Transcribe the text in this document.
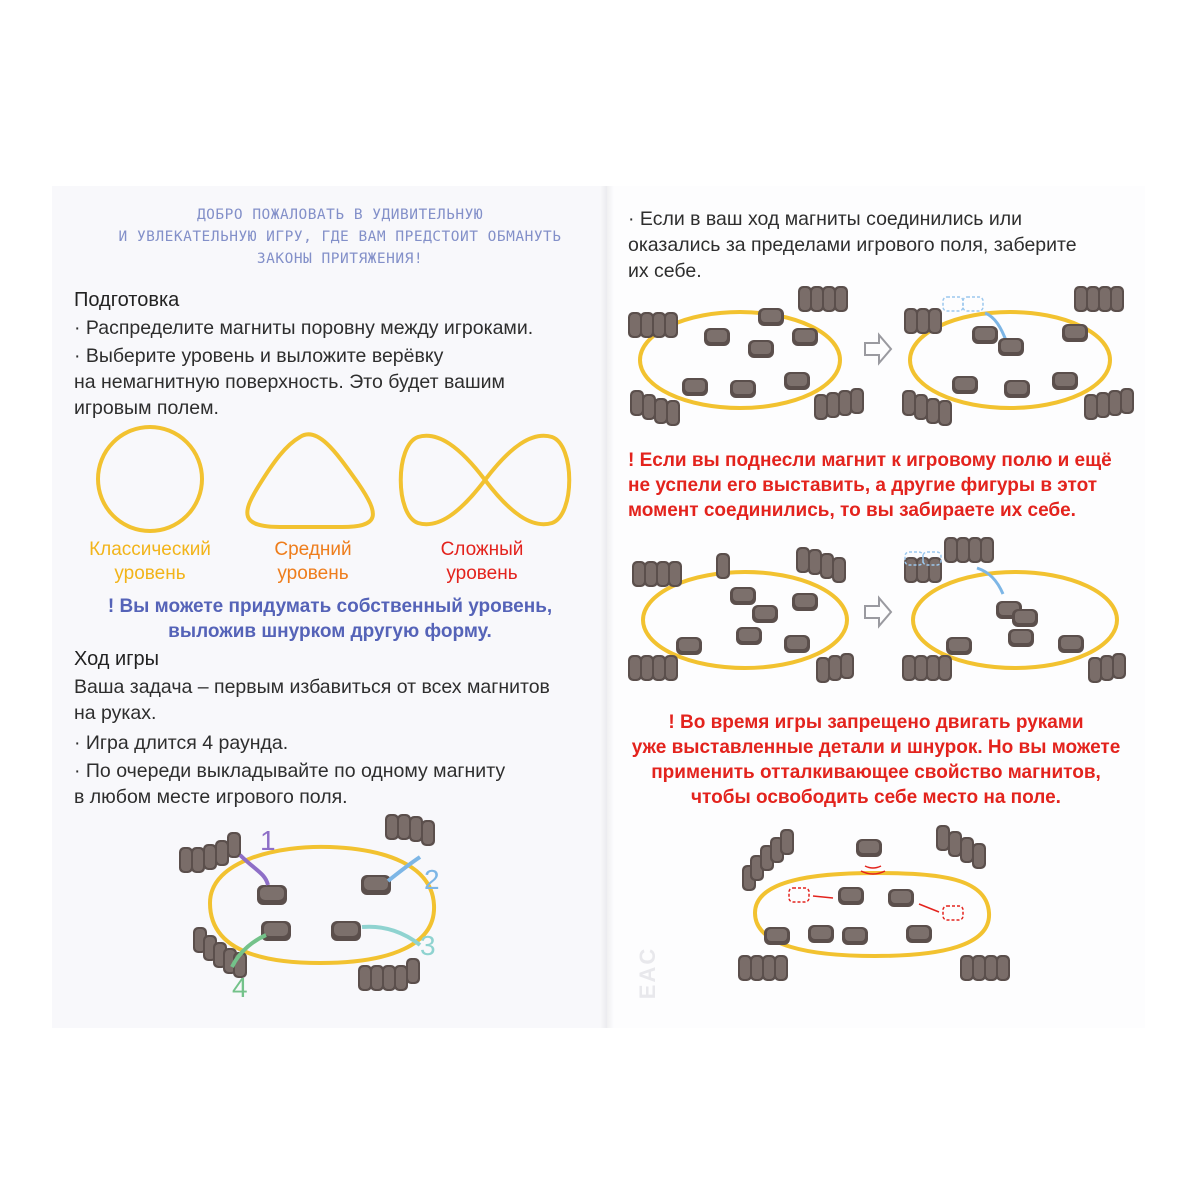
ДОБРО ПОЖАЛОВАТЬ В УДИВИТЕЛЬНУЮ
И УВЛЕКАТЕЛЬНУЮ ИГРУ, ГДЕ ВАМ ПРЕДСТОИТ ОБМАНУТЬ
ЗАКОНЫ ПРИТЯЖЕНИЯ!
Подготовка
· Распределите магниты поровну между игроками.
· Выберите уровень и выложите верёвку
на немагнитную поверхность. Это будет вашим
игровым полем.
Классический
уровень
Средний
уровень
Сложный
уровень
! Вы можете придумать собственный уровень,
выложив шнурком другую форму.
Ход игры
Ваша задача – первым избавиться от всех магнитов
на руках.
· Игра длится 4 раунда.
· По очереди выкладывайте по одному магниту
в любом месте игрового поля.
1
2
3
4
· Если в ваш ход магниты соединились или
оказались за пределами игрового поля, заберите
их себе.
! Если вы поднесли магнит к игровому полю и ещё
не успели его выставить, а другие фигуры в этот
момент соединились, то вы забираете их себе.
! Во время игры запрещено двигать руками
уже выставленные детали и шнурок. Но вы можете
применить отталкивающее свойство магнитов,
чтобы освободить себе место на поле.
EAC
